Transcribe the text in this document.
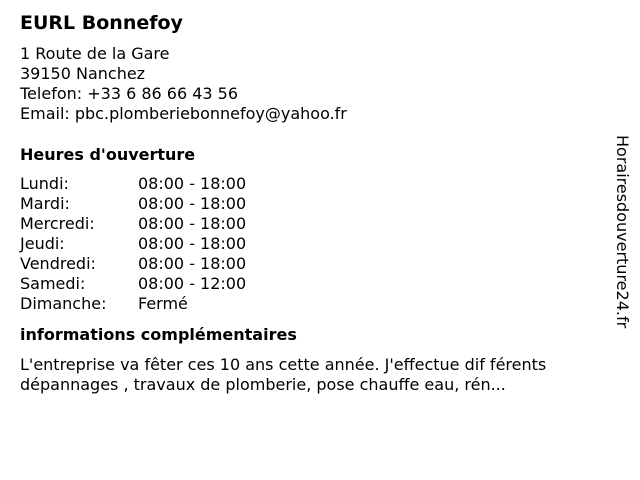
EURL Bonnefoy

1 Route de la Gare

39150 Nanchez

Telefon: +33 6 86 66 43 56

Email: pbc.plomberiebonnefoy@yahoo.fr

Heures d'ouverture
Lundi:	08:00 - 18:00
Mardi:	08:00 - 18:00
Mercredi:	08:00 - 18:00
Jeudi:	08:00 - 18:00
Vendredi:	08:00 - 18:00
Samedi:	08:00 - 12:00
Dimanche:	Fermé
informations complémentaires

L'entreprise va fêter ces 10 ans cette année. J'effectue dif férents dépannages , travaux de plomberie, pose chauffe eau, rén...

Horairesdouverture24.fr
